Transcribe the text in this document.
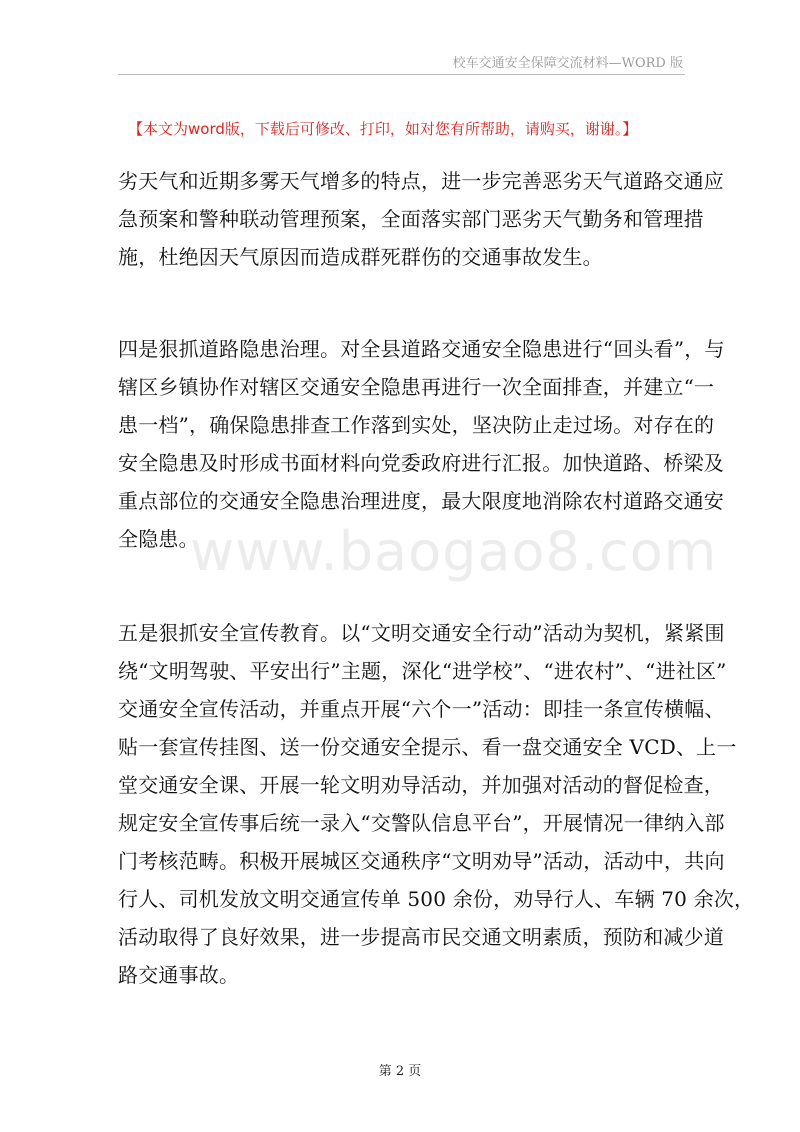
校车交通安全保障交流材料—WORD 版
【本文为word版，下载后可修改、打印，如对您有所帮助，请购买，谢谢。】
www.baogao8.com
劣天气和近期多雾天气增多的特点，进一步完善恶劣天气道路交通应
急预案和警种联动管理预案，全面落实部门恶劣天气勤务和管理措
施，杜绝因天气原因而造成群死群伤的交通事故发生。
四是狠抓道路隐患治理。对全县道路交通安全隐患进行“回头看”，与
辖区乡镇协作对辖区交通安全隐患再进行一次全面排查，并建立“一
患一档”，确保隐患排查工作落到实处，坚决防止走过场。对存在的
安全隐患及时形成书面材料向党委政府进行汇报。加快道路、桥梁及
重点部位的交通安全隐患治理进度，最大限度地消除农村道路交通安
全隐患。
五是狠抓安全宣传教育。以“文明交通安全行动”活动为契机，紧紧围
绕“文明驾驶、平安出行”主题，深化“进学校”、“进农村”、“进社区”
交通安全宣传活动，并重点开展“六个一”活动：即挂一条宣传横幅、
贴一套宣传挂图、送一份交通安全提示、看一盘交通安全 VCD、上一
堂交通安全课、开展一轮文明劝导活动，并加强对活动的督促检查，
规定安全宣传事后统一录入“交警队信息平台”，开展情况一律纳入部
门考核范畴。积极开展城区交通秩序“文明劝导”活动，活动中，共向
行人、司机发放文明交通宣传单 500 余份，劝导行人、车辆 70 余次，
活动取得了良好效果，进一步提高市民交通文明素质，预防和减少道
路交通事故。
第 2 页
